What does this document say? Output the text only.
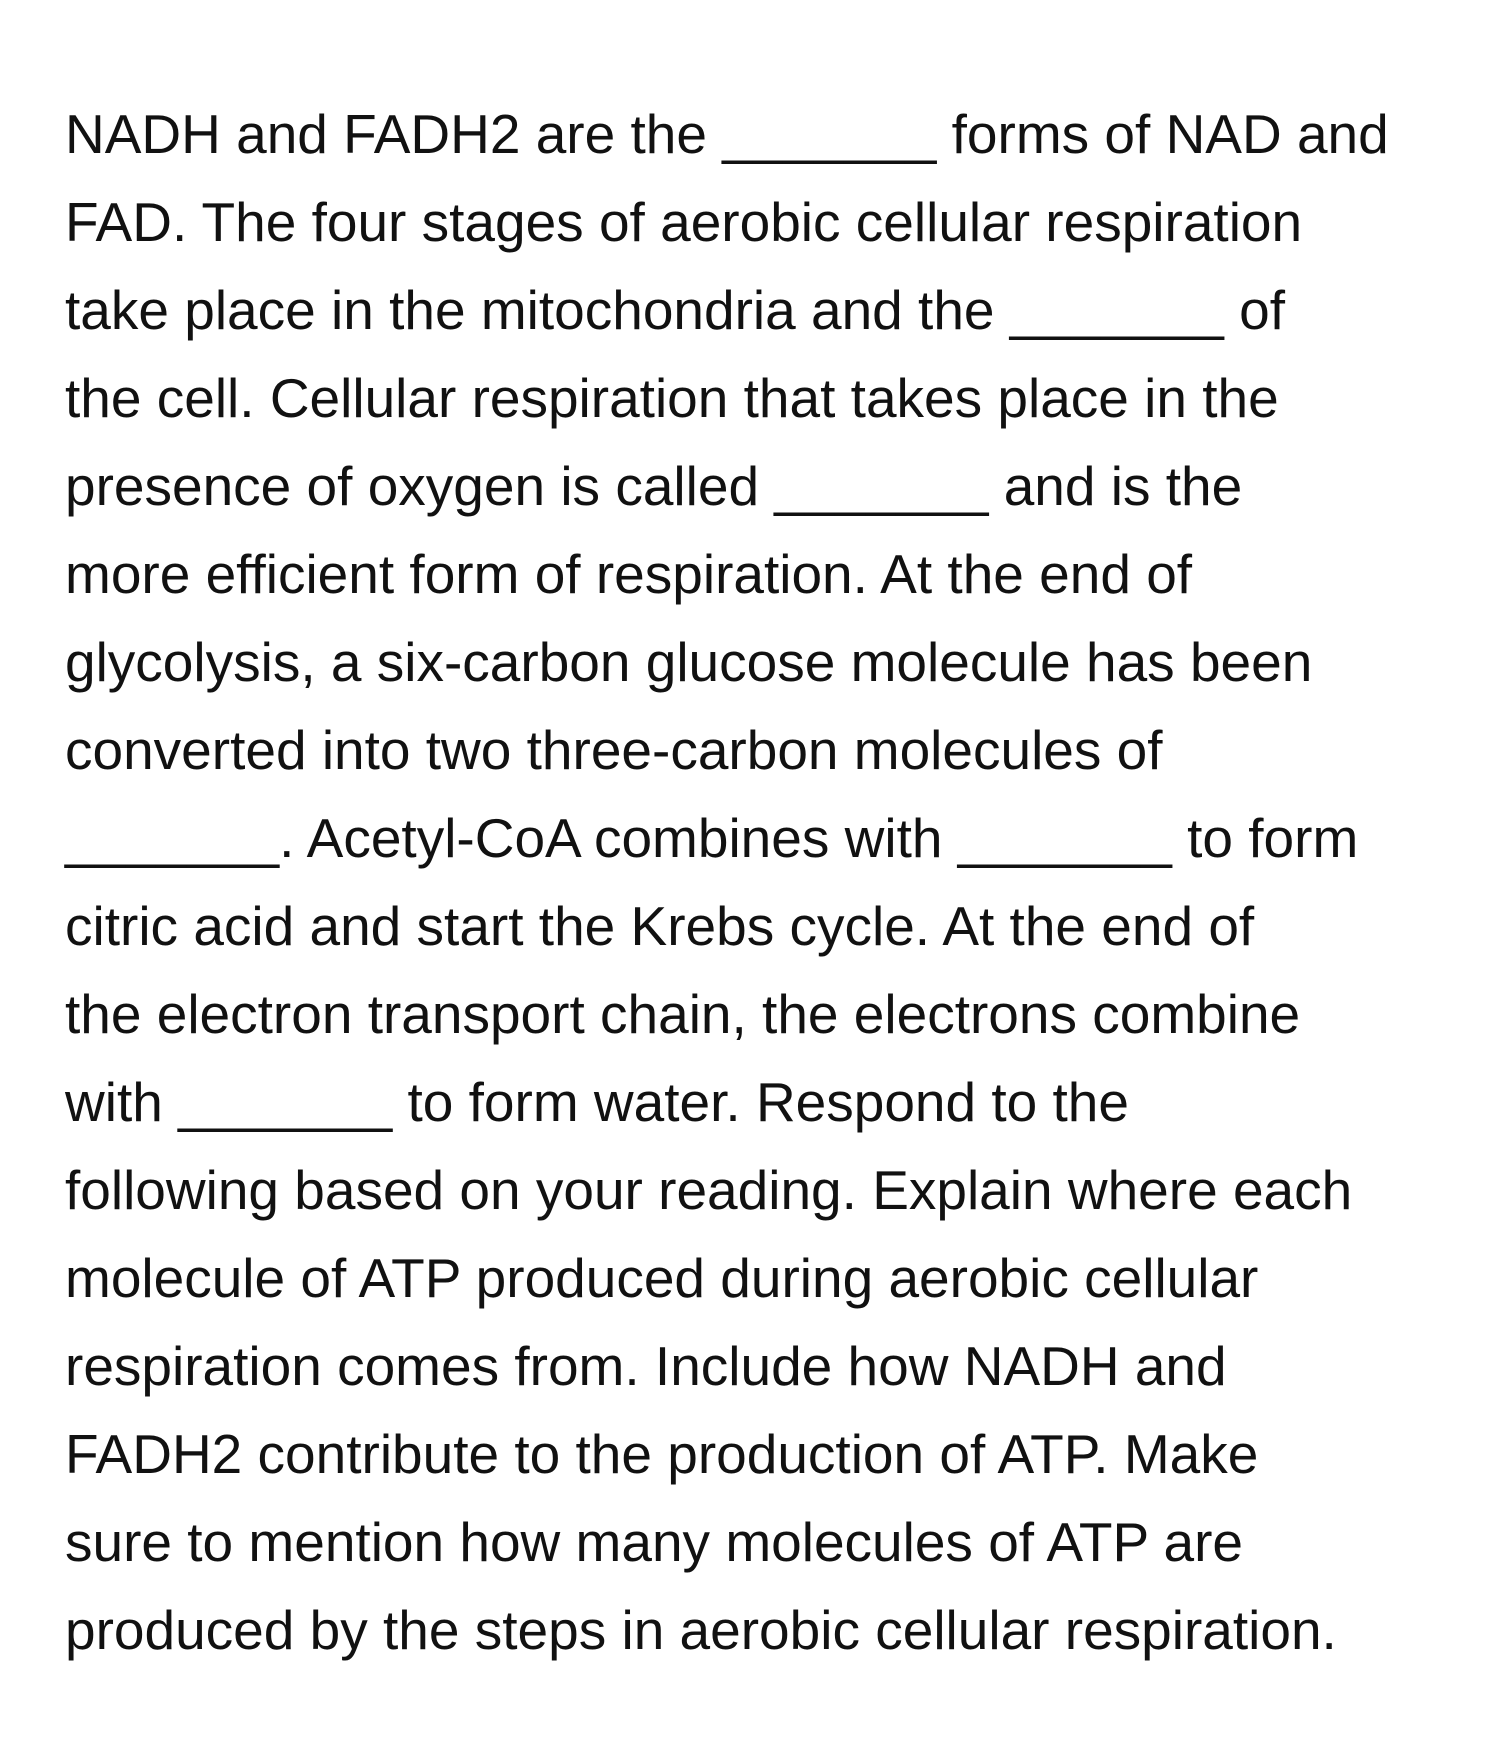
NADH and FADH2 are the _______ forms of NAD and
FAD. The four stages of aerobic cellular respiration
take place in the mitochondria and the _______ of
the cell. Cellular respiration that takes place in the
presence of oxygen is called _______ and is the
more efficient form of respiration. At the end of
glycolysis, a six-carbon glucose molecule has been
converted into two three-carbon molecules of
_______. Acetyl-CoA combines with _______ to form
citric acid and start the Krebs cycle. At the end of
the electron transport chain, the electrons combine
with _______ to form water. Respond to the
following based on your reading. Explain where each
molecule of ATP produced during aerobic cellular
respiration comes from. Include how NADH and
FADH2 contribute to the production of ATP. Make
sure to mention how many molecules of ATP are
produced by the steps in aerobic cellular respiration.
